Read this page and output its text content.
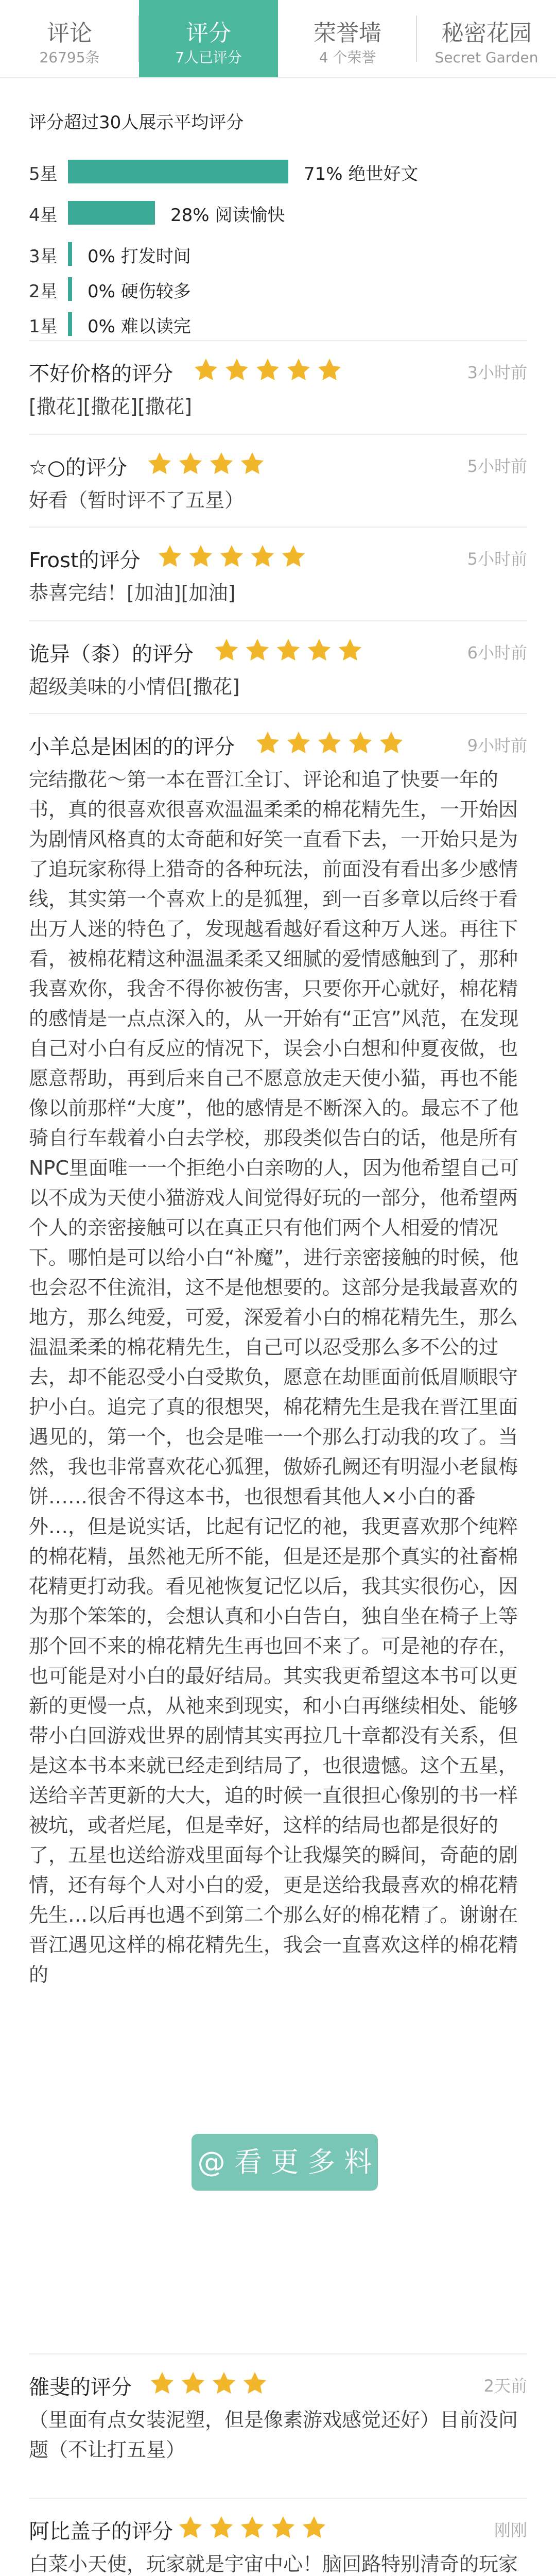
评论
26795条
评分
7人已评分
荣誉墙
4 个荣誉
秘密花园
Secret Garden
评分超过30人展示平均评分
5星	71% 绝世好文
4星	28% 阅读愉快
3星 0% 打发时间
2星 0% 硬伤较多
1星 0% 难以读完
不好价格的评分	3小时前
[撒花][撒花][撒花]
☆○的评分	5小时前
好看（暂时评不了五星）
Frost的评分	5小时前
恭喜完结！[加油][加油]
诡异（桼）的评分	6小时前
超级美味的小情侣[撒花]
小羊总是困困的的评分	9小时前
完结撒花～第一本在晋江全订、评论和追了快要一年的书，真的很喜欢很喜欢温温柔柔的棉花精先生，一开始因为剧情风格真的太奇葩和好笑一直看下去，一开始只是为了追玩家称得上猎奇的各种玩法，前面没有看出多少感情线，其实第一个喜欢上的是狐狸，到一百多章以后终于看出万人迷的特色了，发现越看越好看这种万人迷。再往下看，被棉花精这种温温柔柔又细腻的爱情感触到了，那种我喜欢你，我舍不得你被伤害，只要你开心就好，棉花精的感情是一点点深入的，从一开始有“正宫”风范，在发现自己对小白有反应的情况下，误会小白想和仲夏夜做，也愿意帮助，再到后来自己不愿意放走天使小猫，再也不能像以前那样“大度”，他的感情是不断深入的。最忘不了他骑自行车载着小白去学校，那段类似告白的话，他是所有NPC里面唯一一个拒绝小白亲吻的人，因为他希望自己可以不成为天使小猫游戏人间觉得好玩的一部分，他希望两个人的亲密接触可以在真正只有他们两个人相爱的情况下。哪怕是可以给小白“补魔”，进行亲密接触的时候，他也会忍不住流泪，这不是他想要的。这部分是我最喜欢的地方，那么纯爱，可爱，深爱着小白的棉花精先生，那么温温柔柔的棉花精先生，自己可以忍受那么多不公的过去，却不能忍受小白受欺负，愿意在劫匪面前低眉顺眼守护小白。追完了真的很想哭，棉花精先生是我在晋江里面遇见的，第一个，也会是唯一一个那么打动我的攻了。当然，我也非常喜欢花心狐狸，傲娇孔阙还有明湿小老鼠梅饼……很舍不得这本书，也很想看其他人×小白的番外…，但是说实话，比起有记忆的祂，我更喜欢那个纯粹的棉花精，虽然祂无所不能，但是还是那个真实的社畜棉花精更打动我。看见祂恢复记忆以后，我其实很伤心，因为那个笨笨的，会想认真和小白告白，独自坐在椅子上等那个回不来的棉花精先生再也回不来了。可是祂的存在，也可能是对小白的最好结局。其实我更希望这本书可以更新的更慢一点，从祂来到现实，和小白再继续相处、能够带小白回游戏世界的剧情其实再拉几十章都没有关系，但是这本书本来就已经走到结局了，也很遗憾。这个五星，送给辛苦更新的大大，追的时候一直很担心像别的书一样被坑，或者烂尾，但是幸好，这样的结局也都是很好的了，五星也送给游戏里面每个让我爆笑的瞬间，奇葩的剧情，还有每个人对小白的爱，更是送给我最喜欢的棉花精先生…以后再也遇不到第二个那么好的棉花精了。谢谢在晋江遇见这样的棉花精先生，我会一直喜欢这样的棉花精的
雒斐的评分	2天前
（里面有点女装泥塑，但是像素游戏感觉还好）目前没问题（不让打五星）
阿比盖子的评分	刚刚
白菜小天使，玩家就是宇宙中心！脑回路特别清奇的玩家
@ 看 更 多 料
